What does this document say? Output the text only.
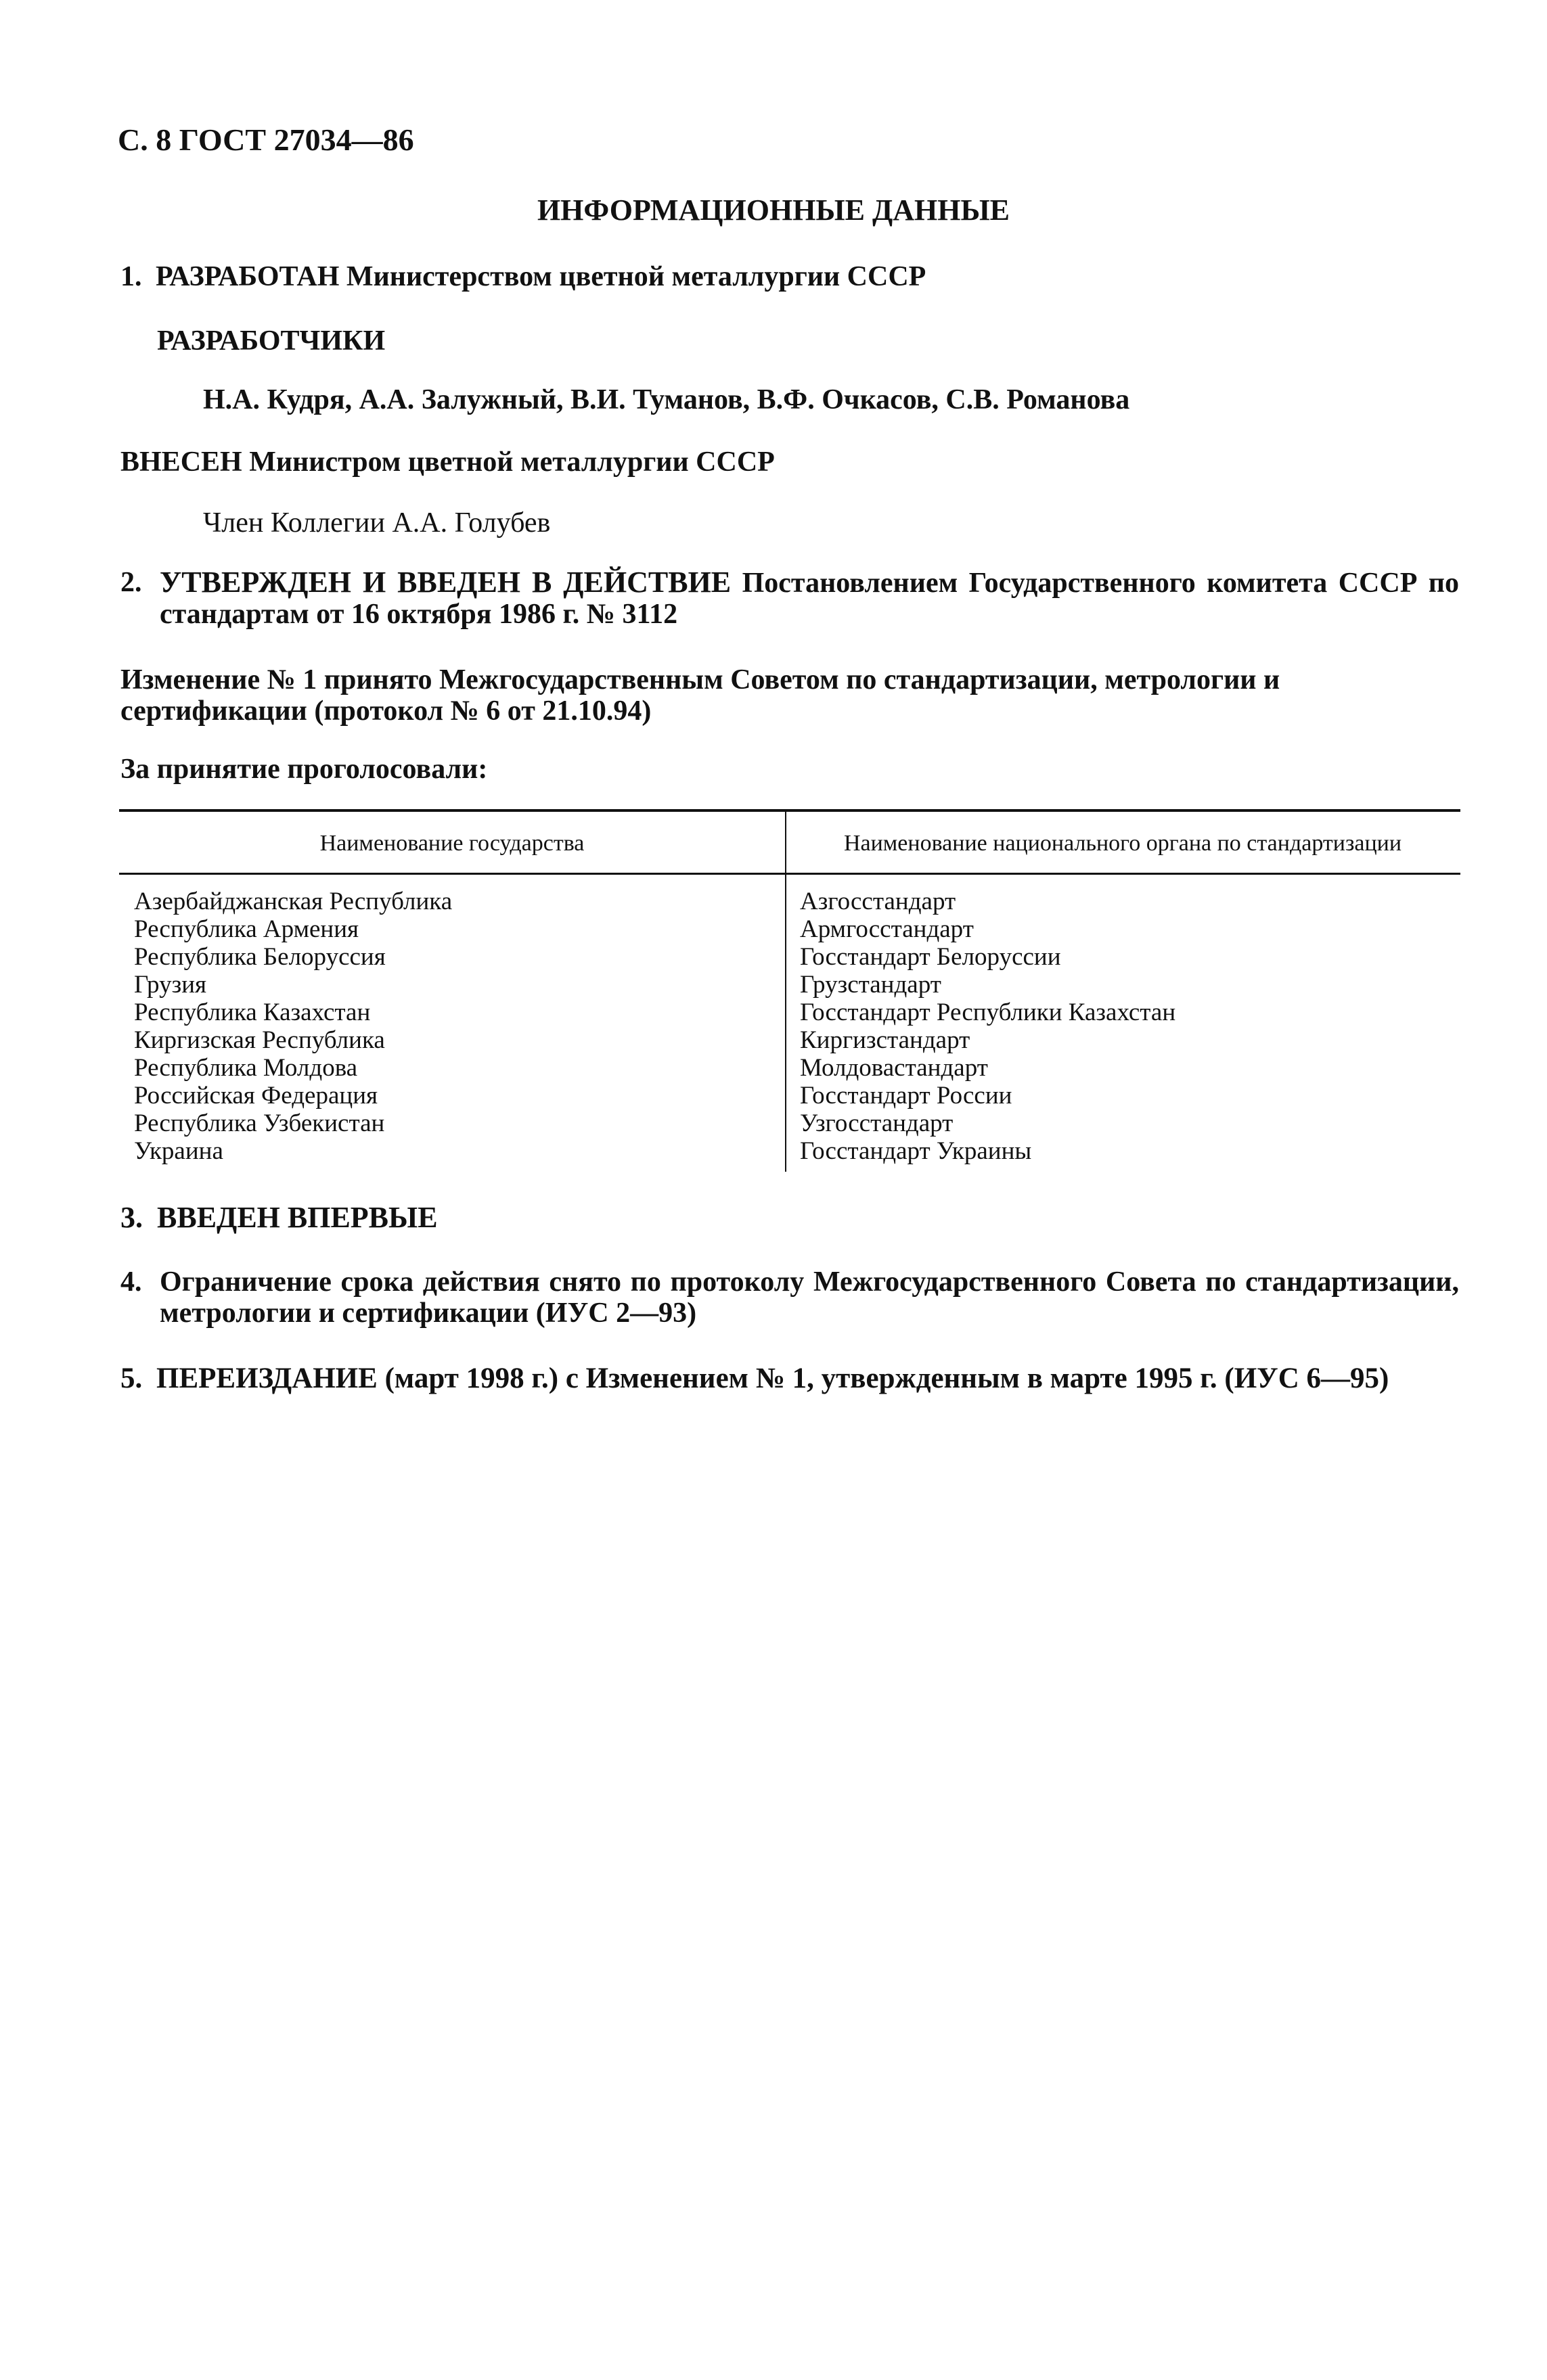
С. 8 ГОСТ 27034—86
ИНФОРМАЦИОННЫЕ ДАННЫЕ
1. РАЗРАБОТАН Министерством цветной металлургии СССР
РАЗРАБОТЧИКИ
Н.А. Кудря, А.А. Залужный, В.И. Туманов, В.Ф. Очкасов, С.В. Романова
ВНЕСЕН Министром цветной металлургии СССР
Член Коллегии А.А. Голубев
2. УТВЕРЖДЕН И ВВЕДЕН В ДЕЙСТВИЕ Постановлением Государственного комитета СССР по стандартам от 16 октября 1986 г. № 3112
Изменение № 1 принято Межгосударственным Советом по стандартизации, метрологии и сертификации (протокол № 6 от 21.10.94)
За принятие проголосовали:
Наименование государства	Наименование национального органа по стандартизации
Азербайджанская Республика	Азгосстандарт
Республика Армения	Армгосстандарт
Республика Белоруссия	Госстандарт Белоруссии
Грузия	Грузстандарт
Республика Казахстан	Госстандарт Республики Казахстан
Киргизская Республика	Киргизстандарт
Республика Молдова	Молдовастандарт
Российская Федерация	Госстандарт России
Республика Узбекистан	Узгосстандарт
Украина	Госстандарт Украины
3. ВВЕДЕН ВПЕРВЫЕ
4. Ограничение срока действия снято по протоколу Межгосударственного Совета по стандартизации, метрологии и сертификации (ИУС 2—93)
5. ПЕРЕИЗДАНИЕ (март 1998 г.) с Изменением № 1, утвержденным в марте 1995 г. (ИУС 6—95)
